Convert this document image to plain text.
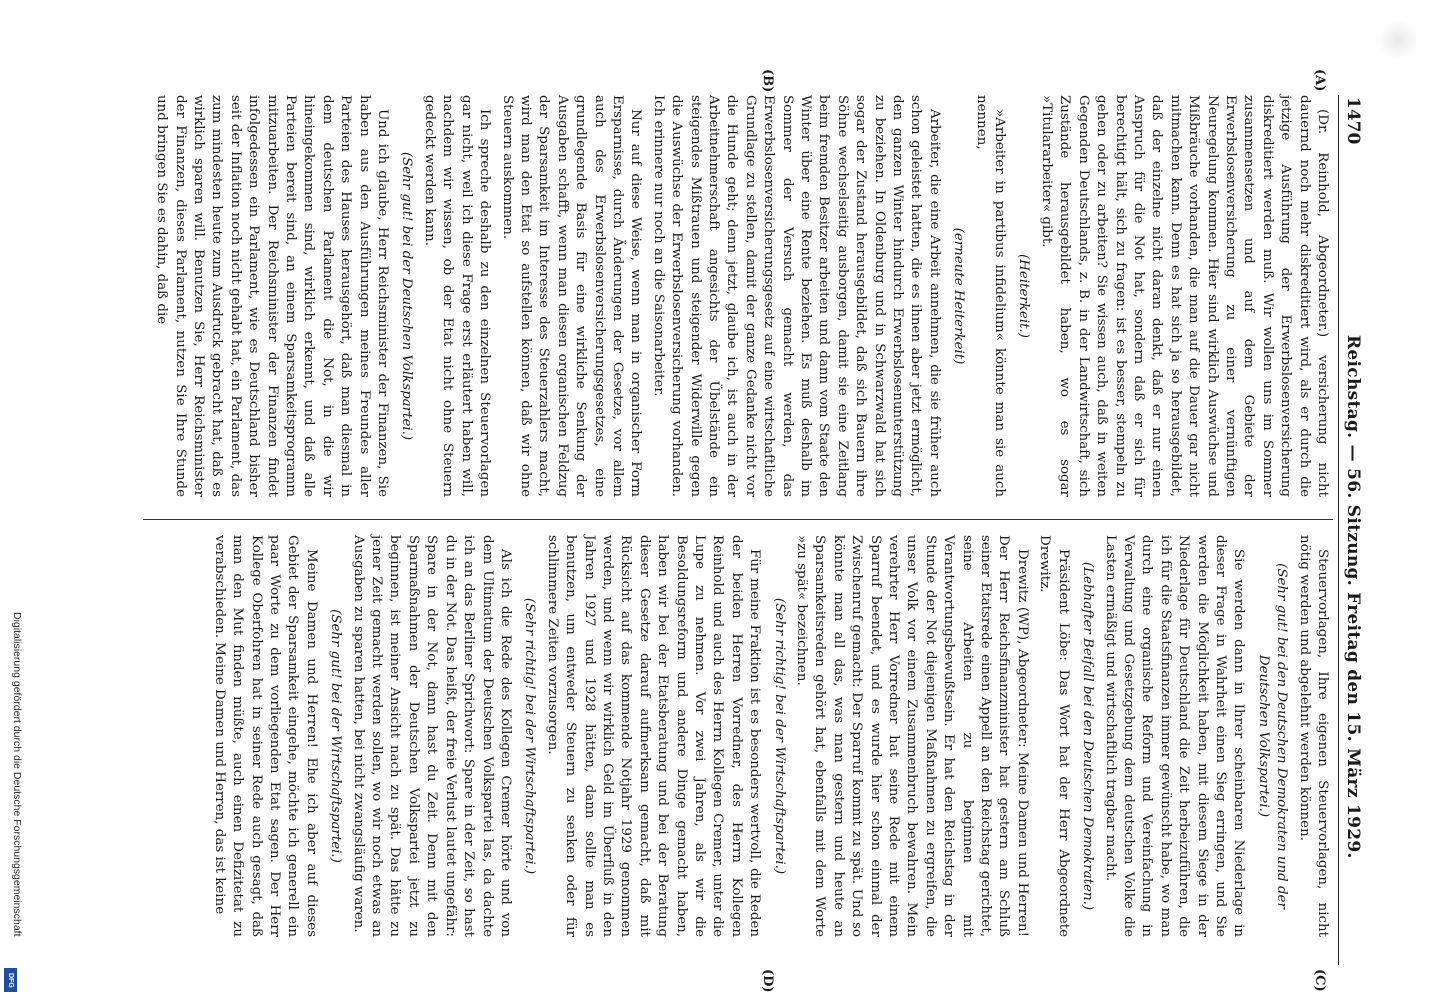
1470
Reichstag. — 56. Sitzung. Freitag den 15. März 1929.
(A)
(B)
(C)
(D)

(Dr. Reinhold, Abgeordneter.) versicherung nicht dauernd noch mehr diskreditiert wird, als er durch die jetzige Ausführung der Erwerbslosenversicherung diskreditiert werden muß. Wir wollen uns im Sommer zusammensetzen und auf dem Gebiete der Erwerbslosenversicherung zu einer vernünftigen Neuregelung kommen. Hier sind wirklich Auswüchse und Mißbräuche vorhanden, die man auf die Dauer gar nicht mitmachen kann. Denn es hat sich ja so herausgebildet, daß der einzelne nicht daran denkt, daß er nur einen Anspruch für die Not hat, sondern daß er sich für berechtigt hält, sich zu fragen: ist es besser, stempeln zu gehen oder zu arbeiten? Sie wissen auch, daß in weiten Gegenden Deutschlands, z. B. in der Landwirtschaft, sich Zustände herausgebildet haben, wo es sogar »Titulararbeiter« gibt.

(Heiterkeit.)

»Arbeiter in partibus infidelium« könnte man sie auch nennen,

(erneute Heiterkeit)

Arbeiter, die eine Arbeit annehmen, die sie früher auch schon geleistet hatten, die es ihnen aber jetzt ermöglicht, den ganzen Winter hindurch Erwerbslosenunterstützung zu beziehen. In Oldenburg und in Schwarzwald hat sich sogar der Zustand herausgebildet, daß sich Bauern ihre Söhne wechselseitig ausborgen, damit sie eine Zeitlang beim fremden Besitzer arbeiten und dann vom Staate den Winter über eine Rente beziehen. Es muß deshalb im Sommer der Versuch gemacht werden, das Erwerbslosenversicherungsgesetz auf eine wirtschaftliche Grundlage zu stellen, damit der ganze Gedanke nicht vor die Hunde geht; denn jetzt, glaube ich, ist auch in der Arbeitnehmerschaft angesichts der Übelstände ein steigendes Mißtrauen und steigender Widerwille gegen die Auswüchse der Erwerbslosenversicherung vorhanden. Ich erinnere nur noch an die Saisonarbeiter.

Nur auf diese Weise, wenn man in organischer Form Ersparnisse, durch Änderungen der Gesetze, vor allem auch des Erwerbslosenversicherungsgesetzes, eine grundlegende Basis für eine wirkliche Senkung der Ausgaben schafft, wenn man diesen organischen Feldzug der Sparsamkeit im Interesse des Steuerzahlers macht, wird man den Etat so aufstellen können, daß wir ohne Steuern auskommen.

Ich spreche deshalb zu den einzelnen Steuervorlagen gar nicht, weil ich diese Frage erst erläutert haben will, nachdem wir wissen, ob der Etat nicht ohne Steuern gedeckt werden kann.

(Sehr gut! bei der Deutschen Volkspartei.)

Und ich glaube, Herr Reichsminister der Finanzen, Sie haben aus den Ausführungen meines Freundes aller Parteien des Hauses herausgehört, daß man diesmal in dem deutschen Parlament die Not, in die wir hineingekommen sind, wirklich erkennt, und daß alle Parteien bereit sind, an einem Sparsamkeitsprogramm mitzuarbeiten. Der Reichsminister der Finanzen findet infolgedessen ein Parlament, wie es Deutschland bisher seit der Inflation noch nicht gehabt hat, ein Parlament, das zum mindesten heute zum Ausdruck gebracht hat, daß es wirklich sparen will. Benutzen Sie, Herr Reichsminister der Finanzen, dieses Parlament, nutzen Sie Ihre Stunde und bringen Sie es dahin, daß die

Steuervorlagen, Ihre eigenen Steuervorlagen, nicht nötig werden und abgelehnt werden können.

(Sehr gut! bei den Deutschen Demokraten und der Deutschen Volkspartei.)

Sie werden dann in Ihrer scheinbaren Niederlage in dieser Frage in Wahrheit einen Sieg erringen, und Sie werden die Möglichkeit haben, mit diesem Siege in der Niederlage für Deutschland die Zeit herbeizuführen, die ich für die Staatsfinanzen immer gewünscht habe, wo man durch eine organische Reform und Vereinfachung in Verwaltung und Gesetzgebung dem deutschen Volke die Lasten ermäßigt und wirtschaftlich tragbar macht.

(Lebhafter Beifall bei den Deutschen Demokraten.)

Präsident Löbe: Das Wort hat der Herr Abgeordnete Drewitz.

Drewitz (WP), Abgeordneter: Meine Damen und Herren! Der Herr Reichsfinanzminister hat gestern am Schluß seiner Etatsrede einen Appell an den Reichstag gerichtet, seine Arbeiten zu beginnen mit Verantwortungsbewußtsein. Er hat den Reichstag in der Stunde der Not diejenigen Maßnahmen zu ergreifen, die unser Volk vor einem Zusammenbruch bewahren. Mein verehrter Herr Vorredner hat seine Rede mit einem Sparruf beendet, und es wurde hier schon einmal der Zwischenruf gemacht: Der Sparruf kommt zu spät. Und so könnte man all das, was man gestern und heute an Sparsamkeitsreden gehört hat, ebenfalls mit dem Worte »zu spät« bezeichnen.

(Sehr richtig! bei der Wirtschaftspartei.)

Für meine Fraktion ist es besonders wertvoll, die Reden der beiden Herren Vorredner, des Herrn Kollegen Reinhold und auch des Herrn Kollegen Cremer, unter die Lupe zu nehmen. Vor zwei Jahren, als wir die Besoldungsreform und andere Dinge gemacht haben, haben wir bei der Etatsberatung und bei der Beratung dieser Gesetze darauf aufmerksam gemacht, daß mit Rücksicht auf das kommende Notjahr 1929 genommen werden, und wenn wir wirklich Geld im Überfluß in den Jahren 1927 und 1928 hätten, dann sollte man es benutzen, um entweder Steuern zu senken oder für schlimmere Zeiten vorzusorgen.

(Sehr richtig! bei der Wirtschaftspartei.)

Als ich die Rede des Kollegen Cremer hörte und von dem Ultimatum der Deutschen Volkspartei las, da dachte ich an das Berliner Sprichwort: Spare in der Zeit, so hast du in der Not. Das heißt, der freie Verlust lautet ungefähr: Spare in der Not, dann hast du Zeit. Denn mit den Sparmaßnahmen der Deutschen Volkspartei jetzt zu beginnen, ist meiner Ansicht nach zu spät. Das hätte zu jener Zeit gemacht werden sollen, wo wir noch etwas an Ausgaben zu sparen hatten, bei nicht zwangsläufig waren.

(Sehr gut! bei der Wirtschaftspartei.)

Meine Damen und Herren! Ehe ich aber auf dieses Gebiet der Sparsamkeit eingehe, möchte ich generell ein paar Worte zu dem vorliegenden Etat sagen. Der Herr Kollege Oberfohren hat in seiner Rede auch gesagt, daß man den Mut finden müßte, auch einen Defizitetat zu verabschieden. Meine Damen und Herren, das ist keine

Digitalisierung gefördert durch die Deutsche Forschungsgemeinschaft
DFG
